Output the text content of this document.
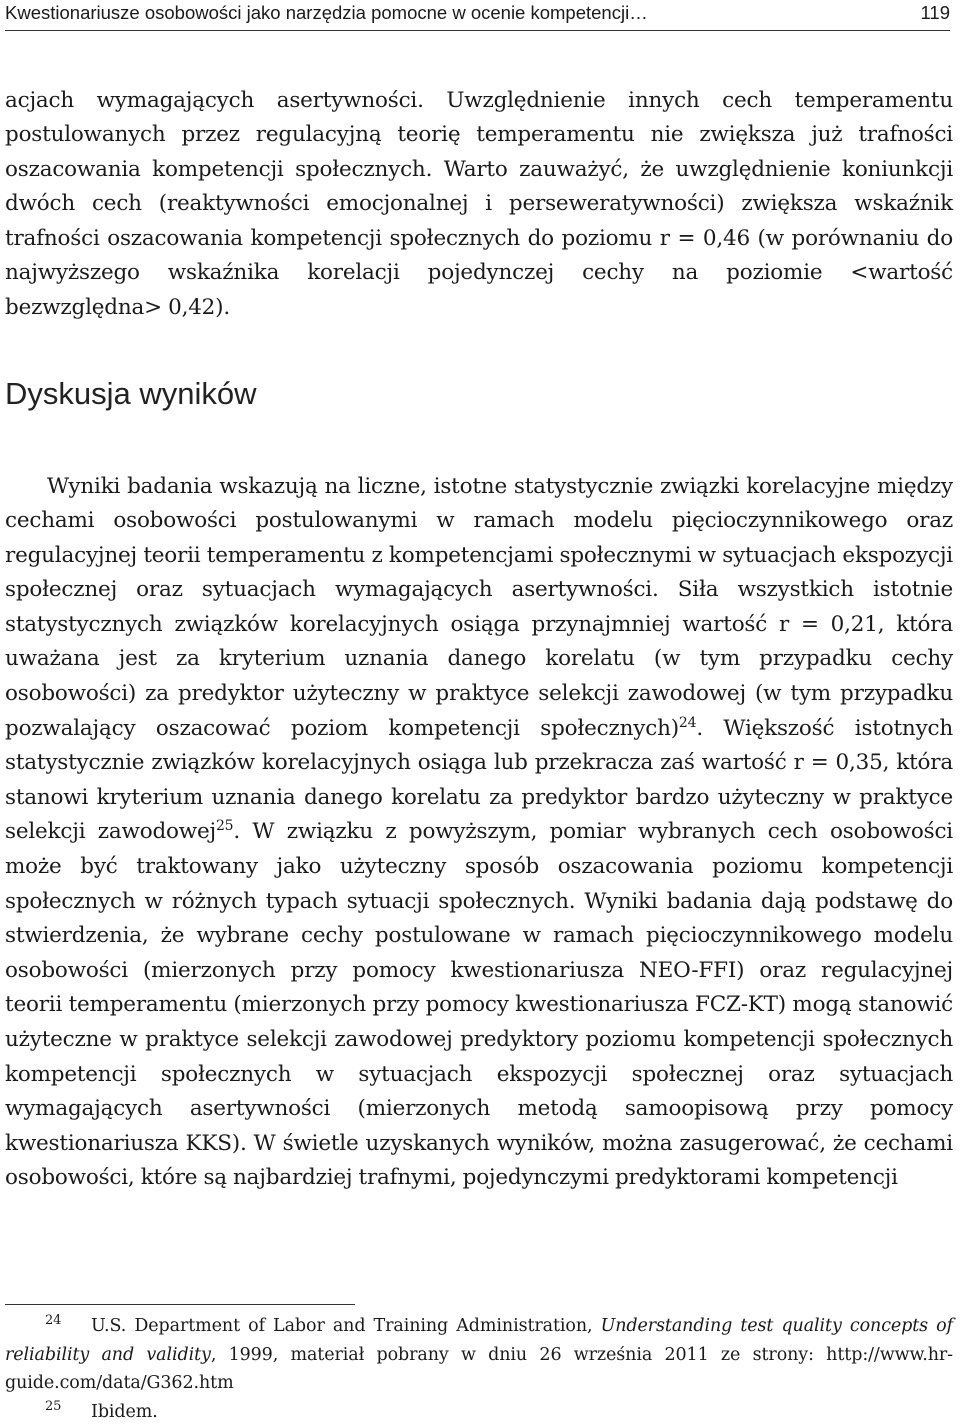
Kwestionariusze osobowości jako narzędzia pomocne w ocenie kompetencji…	119

acjach wymagających asertywności. Uwzględnienie innych cech temperamentu postulowanych przez regulacyjną teorię temperamentu nie zwiększa już trafności oszacowania kompetencji społecznych. Warto zauważyć, że uwzględnienie koniunkcji dwóch cech (reaktywności emocjonalnej i perseweratywności) zwiększa wskaźnik trafności oszacowania kompetencji społecznych do poziomu r = 0,46 (w porównaniu do najwyższego wskaźnika korelacji pojedynczej cechy na poziomie <wartość bezwzględna> 0,42).

Dyskusja wyników

Wyniki badania wskazują na liczne, istotne statystycznie związki korelacyjne między cechami osobowości postulowanymi w ramach modelu pięcioczynnikowego oraz regulacyjnej teorii temperamentu z kompetencjami społecznymi w sytuacjach ekspozycji społecznej oraz sytuacjach wymagających asertywności. Siła wszystkich istotnie statystycznych związków korelacyjnych osiąga przynajmniej wartość r = 0,21, która uważana jest za kryterium uznania danego korelatu (w tym przypadku cechy osobowości) za predyktor użyteczny w praktyce selekcji zawodowej (w tym przypadku pozwalający oszacować poziom kompetencji społecznych)$^{24}$. Większość istotnych statystycznie związków korelacyjnych osiąga lub przekracza zaś wartość r = 0,35, która stanowi kryterium uznania danego korelatu za predyktor bardzo użyteczny w praktyce selekcji zawodowej$^{25}$. W związku z powyższym, pomiar wybranych cech osobowości może być traktowany jako użyteczny sposób oszacowania poziomu kompetencji społecznych w różnych typach sytuacji społecznych. Wyniki badania dają podstawę do stwierdzenia, że wybrane cechy postulowane w ramach pięcioczynnikowego modelu osobowości (mierzonych przy pomocy kwestionariusza NEO-FFI) oraz regulacyjnej teorii temperamentu (mierzonych przy pomocy kwestionariusza FCZ-KT) mogą stanowić użyteczne w praktyce selekcji zawodowej predyktory poziomu kompetencji społecznych kompetencji społecznych w sytuacjach ekspozycji społecznej oraz sytuacjach wymagających asertywności (mierzonych metodą samoopisową przy pomocy kwestionariusza KKS). W świetle uzyskanych wyników, można zasugerować, że cechami osobowości, które są najbardziej trafnymi, pojedynczymi predyktorami kompetencji

$^{24}$ U.S. Department of Labor and Training Administration, Understanding test quality concepts of reliability and validity, 1999, materiał pobrany w dniu 26 września 2011 ze strony: http://www.hr-guide.com/data/G362.htm

$^{25}$ Ibidem.
